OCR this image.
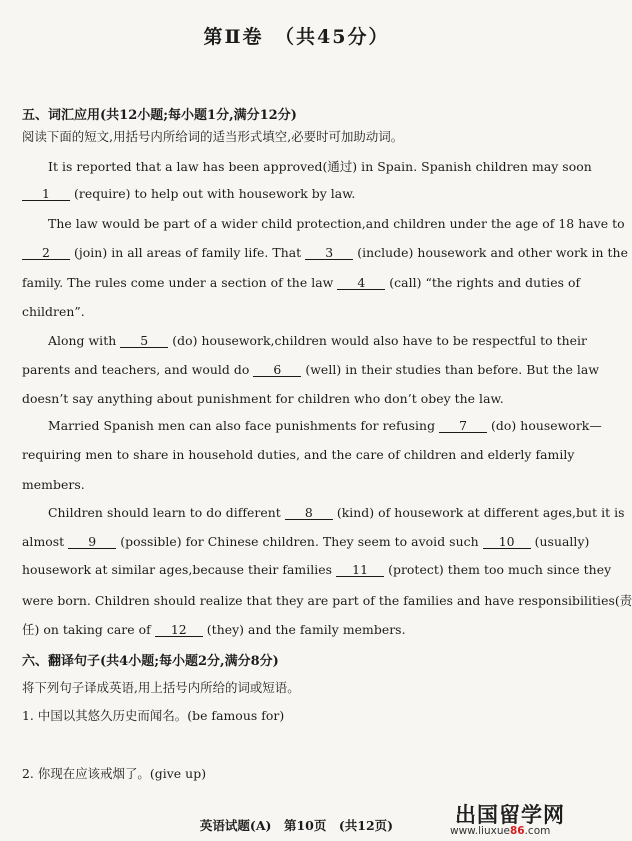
第Ⅱ卷　（共45分）
五、词汇应用(共12小题;每小题1分,满分12分)
阅读下面的短文,用括号内所给词的适当形式填空,必要时可加助动词。
It is reported that a law has been approved(通过) in Spain. Spanish children may soon
1 (require) to help out with housework by law.
The law would be part of a wider child protection,and children under the age of 18 have to
2 (join) in all areas of family life. That 3 (include) housework and other work in the
family. The rules come under a section of the law 4 (call) “the rights and duties of
children”.
Along with 5 (do) housework,children would also have to be respectful to their
parents and teachers, and would do 6 (well) in their studies than before. But the law
doesn’t say anything about punishment for children who don’t obey the law.
Married Spanish men can also face punishments for refusing 7 (do) housework—
requiring men to share in household duties, and the care of children and elderly family
members.
Children should learn to do different 8 (kind) of housework at different ages,but it is
almost 9 (possible) for Chinese children. They seem to avoid such 10 (usually)
housework at similar ages,because their families 11 (protect) them too much since they
were born. Children should realize that they are part of the families and have responsibilities(责
任) on taking care of 12 (they) and the family members.
六、翻译句子(共4小题;每小题2分,满分8分)
将下列句子译成英语,用上括号内所给的词或短语。
1. 中国以其悠久历史而闻名。(be famous for)
2. 你现在应该戒烟了。(give up)
英语试题(A)　第10页　(共12页)	出国留学网
www.liuxue86.com
